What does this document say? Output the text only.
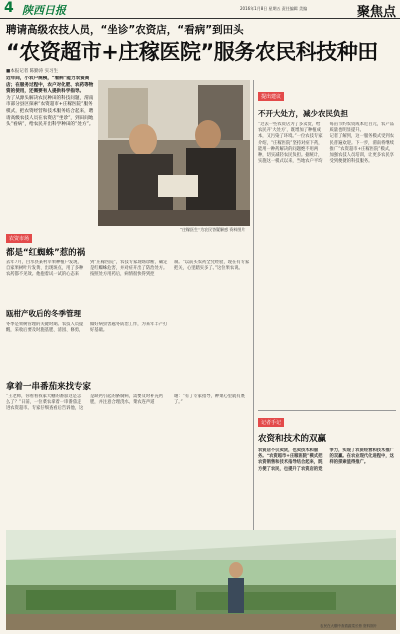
4 陕西日报	2016年1月8日 星期五 责任编辑 美编	聚焦点
聘请高级农技人员，“坐诊”农资店，“看病”到田头
“农资超市+庄稼医院”服务农民科技种田
■本报记者 陈勤涛 实习生
近年间，小农户规模，“看病”能力农资商店；在服务过程中，农户对化肥、农药等物资的使用，还需要有人提供科学指导。
为了从源头解决农民种田的科技问题，渭南市部分县区探索“农资超市+庄稼医院”服务模式，把农资经营和技术服务结合起来，聘请高级农技人员在农资店“坐诊”，到田间地头“看病”，给农民开出科学种田的“处方”。
“庄稼医生”为农民答疑解惑 资料图片
农资市场
都是“红蜘蛛”惹的祸
去年7月，白水县某村苹果种植户发现，自家果树叶片发黄、出现斑点，用了多种农药都不见效。他抱着试一试的心态来到“庄稼医院”，农技专家现场诊断，确定是红蜘蛛危害，并对症开出了防治处方。按照处方用药后，病情很快得到控制。“以前买农药全凭经验，现在有专家把关，心里踏实多了。”这位果农说。
瓯柑产收后的冬季管理
冬季是果树管理的关键时期。农技人员提醒，采收后要及时施基肥、清园、修剪，做好病虫害越冬防治工作，为来年丰产打好基础。
拿着一串番茄来找专家
“王老师，你看看我家大棚的番茄这是怎么了？”日前，一位菜农拿着一串番茄走进农资超市。专家仔细查看后告诉他，这是缺钙引起的脐腐病，需要及时补充钙肥，并注意合理浇水。菜农连声道谢：“有了专家指导，种菜心里就有底了。”
提出建议
不开大处方，减少农民负担
“过去一些农资店为了多卖货，给农民开‘大处方’，既增加了种植成本，又污染了环境。”一位农技专家介绍，“庄稼医院”坚持对症下药，能用一种药解决的问题绝不用两种，切实减轻农民负担。据统计，实施这一模式以来，当地农户平均每亩节约农资成本近百元，农产品质量也明显提升。
记者了解到，这一服务模式受到农民普遍欢迎。下一步，渭南将继续推广“农资超市+庄稼医院”模式，加强农技人员培训，让更多农民享受到便捷的科技服务。
记者手记
农资和技术的双赢
农资店不仅卖货，也卖技术和服务。“农资超市+庄稼医院”模式把农资销售和技术指导结合起来，既方便了农民，也提升了农资店的竞争力，实现了农资经营和技术推广的双赢。在农业现代化进程中，这样的探索值得推广。
农民在大棚中查看蔬菜长势 资料图片
